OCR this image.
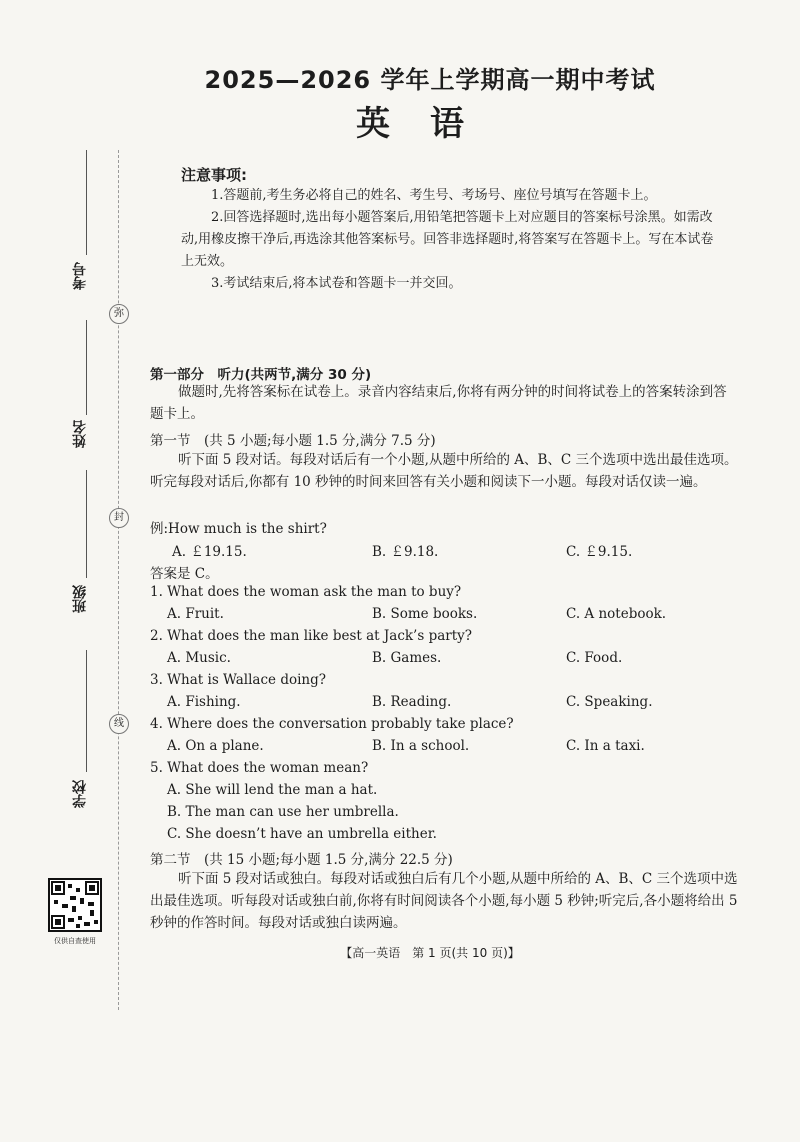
考号
姓名
班级
学校
弥
封
线
仅供自查使用
2025—2026 学年上学期高一期中考试
英语
注意事项:
1.答题前,考生务必将自己的姓名、考生号、考场号、座位号填写在答题卡上。
2.回答选择题时,选出每小题答案后,用铅笔把答题卡上对应题目的答案标号涂黑。如需改动,用橡皮擦干净后,再选涂其他答案标号。回答非选择题时,将答案写在答题卡上。写在本试卷上无效。
3.考试结束后,将本试卷和答题卡一并交回。
第一部分　听力(共两节,满分 30 分)
做题时,先将答案标在试卷上。录音内容结束后,你将有两分钟的时间将试卷上的答案转涂到答题卡上。
第一节　(共 5 小题;每小题 1.5 分,满分 7.5 分)
听下面 5 段对话。每段对话后有一个小题,从题中所给的 A、B、C 三个选项中选出最佳选项。听完每段对话后,你都有 10 秒钟的时间来回答有关小题和阅读下一小题。每段对话仅读一遍。
例:How much is the shirt?
A. ￡19.15.	B. ￡9.18.	C. ￡9.15.
答案是 C。
1. What does the woman ask the man to buy?
A. Fruit.	B. Some books.	C. A notebook.
2. What does the man like best at Jack’s party?
A. Music.	B. Games.	C. Food.
3. What is Wallace doing?
A. Fishing.	B. Reading.	C. Speaking.
4. Where does the conversation probably take place?
A. On a plane.	B. In a school.	C. In a taxi.
5. What does the woman mean?
A. She will lend the man a hat.
B. The man can use her umbrella.
C. She doesn’t have an umbrella either.
第二节　(共 15 小题;每小题 1.5 分,满分 22.5 分)
听下面 5 段对话或独白。每段对话或独白后有几个小题,从题中所给的 A、B、C 三个选项中选出最佳选项。听每段对话或独白前,你将有时间阅读各个小题,每小题 5 秒钟;听完后,各小题将给出 5 秒钟的作答时间。每段对话或独白读两遍。
【高一英语　第 1 页(共 10 页)】
